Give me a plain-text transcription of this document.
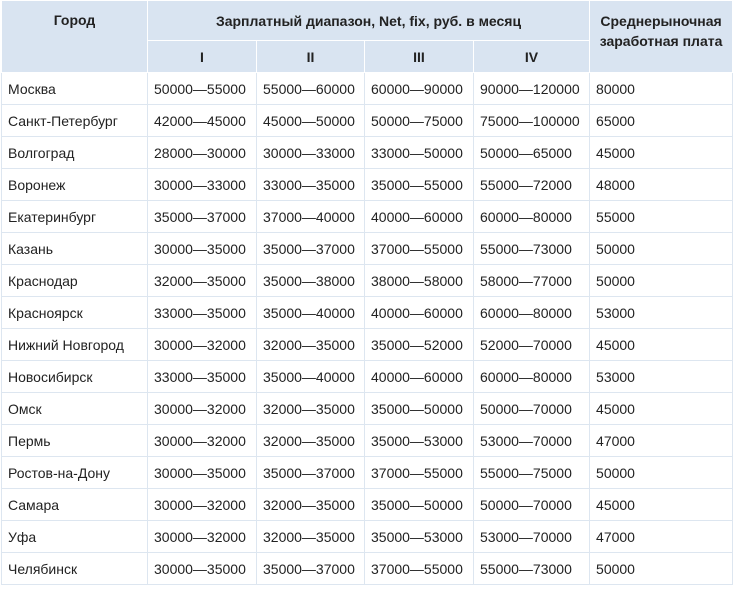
Город	Зарплатный диапазон, Net, fix, руб. в месяц				Среднерыночная заработная плата
	I	II	III	IV	
Москва	50000—55000	55000—60000	60000—90000	90000—120000	80000
Санкт-Петербург	42000—45000	45000—50000	50000—75000	75000—100000	65000
Волгоград	28000—30000	30000—33000	33000—50000	50000—65000	45000
Воронеж	30000—33000	33000—35000	35000—55000	55000—72000	48000
Екатеринбург	35000—37000	37000—40000	40000—60000	60000—80000	55000
Казань	30000—35000	35000—37000	37000—55000	55000—73000	50000
Краснодар	32000—35000	35000—38000	38000—58000	58000—77000	50000
Красноярск	33000—35000	35000—40000	40000—60000	60000—80000	53000
Нижний Новгород	30000—32000	32000—35000	35000—52000	52000—70000	45000
Новосибирск	33000—35000	35000—40000	40000—60000	60000—80000	53000
Омск	30000—32000	32000—35000	35000—50000	50000—70000	45000
Пермь	30000—32000	32000—35000	35000—53000	53000—70000	47000
Ростов-на-Дону	30000—35000	35000—37000	37000—55000	55000—75000	50000
Самара	30000—32000	32000—35000	35000—50000	50000—70000	45000
Уфа	30000—32000	32000—35000	35000—53000	53000—70000	47000
Челябинск	30000—35000	35000—37000	37000—55000	55000—73000	50000
